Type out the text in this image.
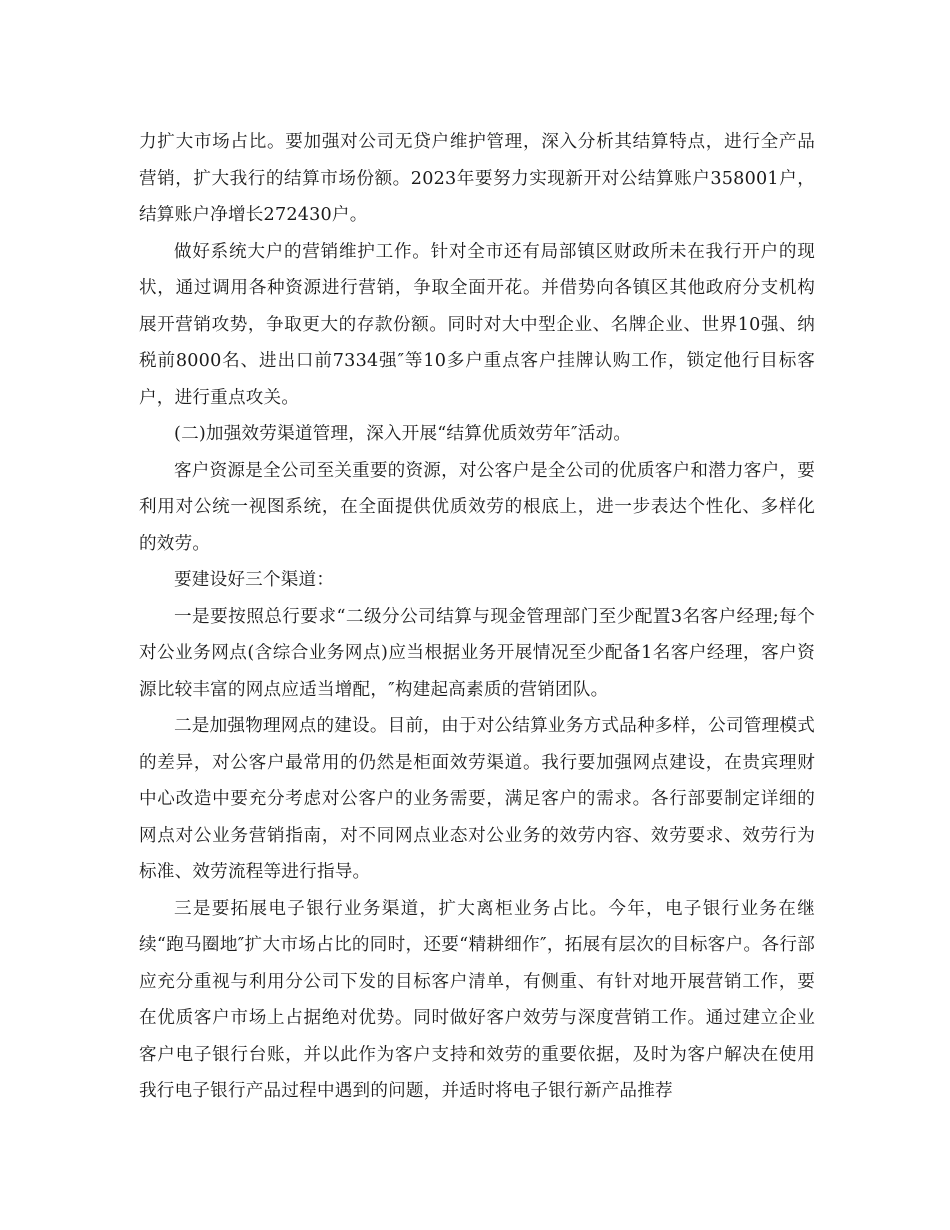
力扩大市场占比。要加强对公司无贷户维护管理，深入分析其结算特点，进行全产品营销，扩大我行的结算市场份额。2023年要努力实现新开对公结算账户358001户，结算账户净增长272430户。

做好系统大户的营销维护工作。针对全市还有局部镇区财政所未在我行开户的现状，通过调用各种资源进行营销，争取全面开花。并借势向各镇区其他政府分支机构展开营销攻势，争取更大的存款份额。同时对大中型企业、名牌企业、世界10强、纳税前8000名、进出口前7334强″等10多户重点客户挂牌认购工作，锁定他行目标客户，进行重点攻关。

(二)加强效劳渠道管理，深入开展“结算优质效劳年″活动。

客户资源是全公司至关重要的资源，对公客户是全公司的优质客户和潜力客户，要利用对公统一视图系统，在全面提供优质效劳的根底上，进一步表达个性化、多样化的效劳。

要建设好三个渠道：

一是要按照总行要求“二级分公司结算与现金管理部门至少配置3名客户经理;每个对公业务网点(含综合业务网点)应当根据业务开展情况至少配备1名客户经理，客户资源比较丰富的网点应适当增配，″构建起高素质的营销团队。

二是加强物理网点的建设。目前，由于对公结算业务方式品种多样，公司管理模式的差异，对公客户最常用的仍然是柜面效劳渠道。我行要加强网点建设，在贵宾理财中心改造中要充分考虑对公客户的业务需要，满足客户的需求。各行部要制定详细的网点对公业务营销指南，对不同网点业态对公业务的效劳内容、效劳要求、效劳行为标准、效劳流程等进行指导。

三是要拓展电子银行业务渠道，扩大离柜业务占比。今年，电子银行业务在继续“跑马圈地″扩大市场占比的同时，还要“精耕细作″，拓展有层次的目标客户。各行部应充分重视与利用分公司下发的目标客户清单，有侧重、有针对地开展营销工作，要在优质客户市场上占据绝对优势。同时做好客户效劳与深度营销工作。通过建立企业客户电子银行台账，并以此作为客户支持和效劳的重要依据，及时为客户解决在使用我行电子银行产品过程中遇到的问题，并适时将电子银行新产品推荐
